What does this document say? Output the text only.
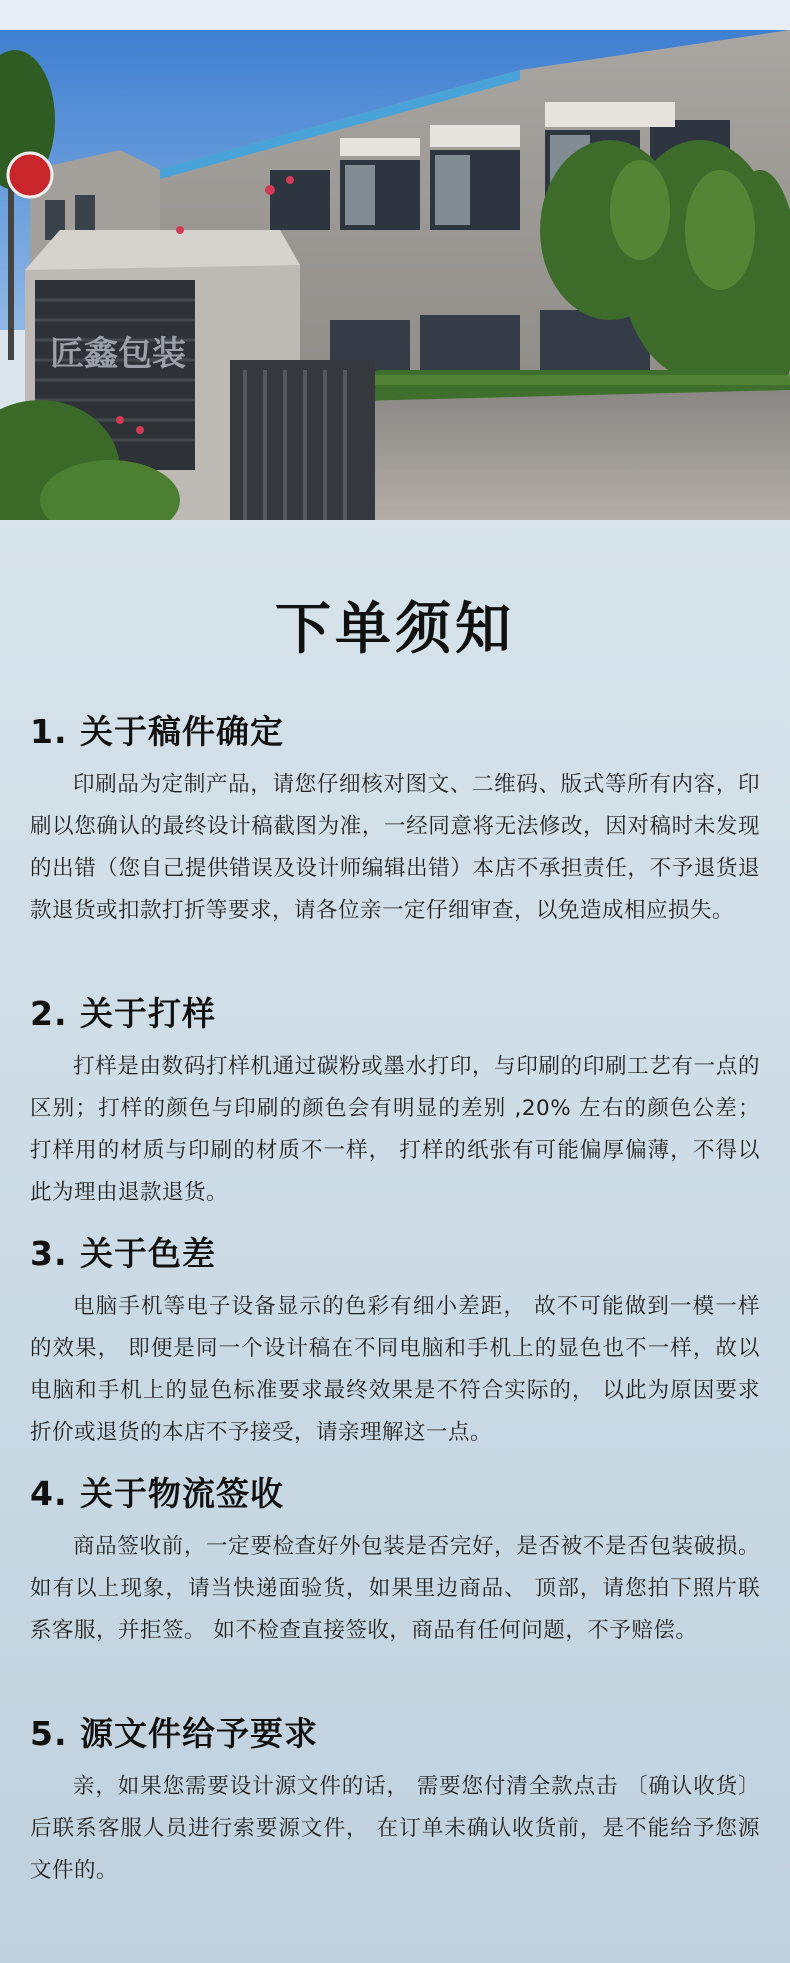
匠鑫包装
下单须知
1. 关于稿件确定

印刷品为定制产品，请您仔细核对图文、二维码、版式等所有内容，印刷以您确认的最终设计稿截图为准，一经同意将无法修改，因对稿时未发现的出错（您自己提供错误及设计师编辑出错）本店不承担责任，不予退货退款退货或扣款打折等要求，请各位亲一定仔细审查，以免造成相应损失。

2. 关于打样

打样是由数码打样机通过碳粉或墨水打印，与印刷的印刷工艺有一点的区别；打样的颜色与印刷的颜色会有明显的差别 ,20% 左右的颜色公差；打样用的材质与印刷的材质不一样， 打样的纸张有可能偏厚偏薄，不得以此为理由退款退货。

3. 关于色差

电脑手机等电子设备显示的色彩有细小差距， 故不可能做到一模一样的效果， 即便是同一个设计稿在不同电脑和手机上的显色也不一样，故以电脑和手机上的显色标准要求最终效果是不符合实际的， 以此为原因要求折价或退货的本店不予接受，请亲理解这一点。

4. 关于物流签收

商品签收前，一定要检查好外包装是否完好，是否被不是否包装破损。 如有以上现象，请当快递面验货，如果里边商品、 顶部，请您拍下照片联系客服，并拒签。 如不检查直接签收，商品有任何问题，不予赔偿。

5. 源文件给予要求

亲，如果您需要设计源文件的话， 需要您付清全款点击 〔确认收货〕 后联系客服人员进行索要源文件， 在订单未确认收货前，是不能给予您源文件的。
